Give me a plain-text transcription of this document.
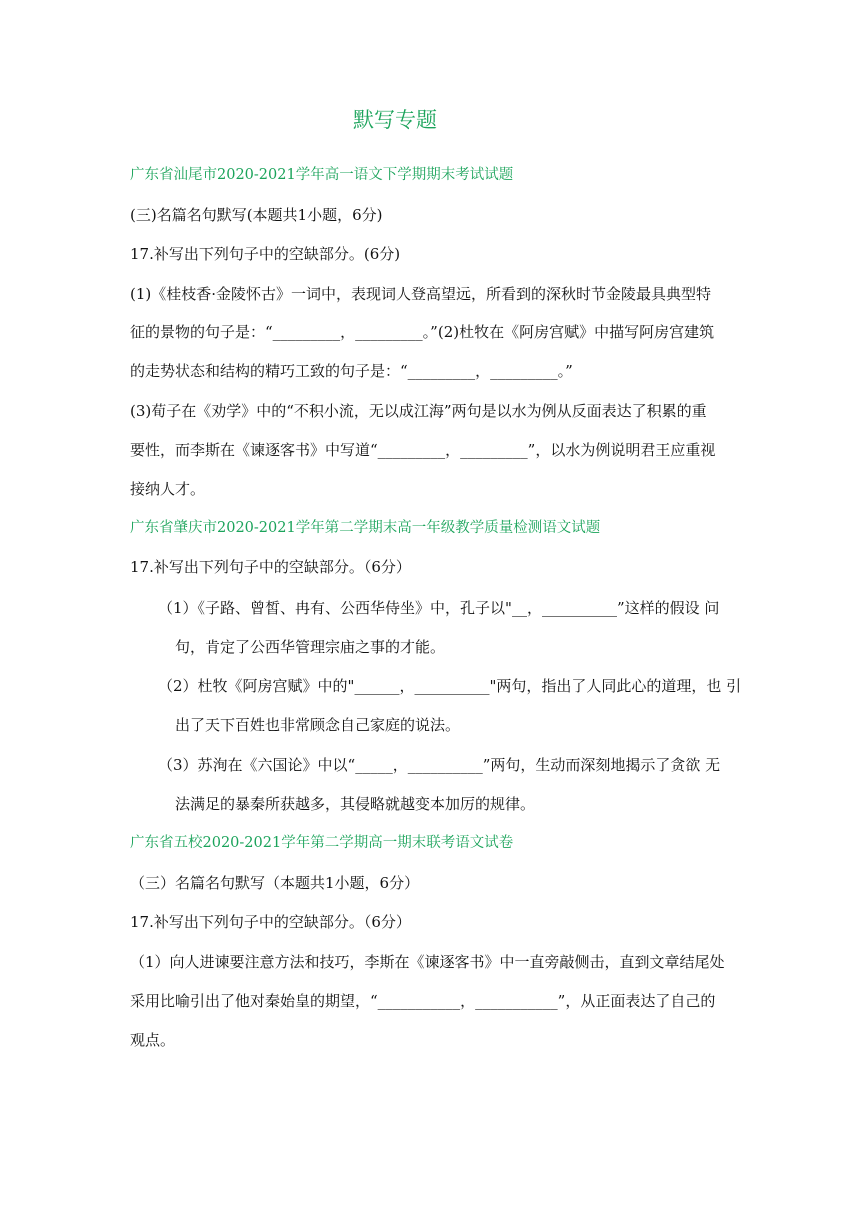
默写专题
广东省汕尾市2020-2021学年高一语文下学期期末考试试题
(三)名篇名句默写(本题共1小题，6分)
17.补写出下列句子中的空缺部分。(6分)
(1)《桂枝香·金陵怀古》一词中，表现词人登高望远，所看到的深秋时节金陵最具典型特
征的景物的句子是：“_________，_________。”(2)杜牧在《阿房宫赋》中描写阿房宫建筑
的走势状态和结构的精巧工致的句子是：“_________，_________。”
(3)荀子在《劝学》中的“不积小流，无以成江海”两句是以水为例从反面表达了积累的重
要性，而李斯在《谏逐客书》中写道“_________，_________”，以水为例说明君王应重视
接纳人才。
广东省肇庆市2020-2021学年第二学期末高一年级教学质量检测语文试题
17.补写出下列句子中的空缺部分。（6分）
（1）《子路、曾皙、冉有、公西华侍坐》中，孔子以"__，__________”这样的假设 问
句，肯定了公西华管理宗庙之事的才能。
（2）杜牧《阿房宫赋》中的"______，__________"两句，指出了人同此心的道理，也 引
出了天下百姓也非常顾念自己家庭的说法。
（3）苏洵在《六国论》中以“_____，__________”两句，生动而深刻地揭示了贪欲 无
法满足的暴秦所获越多，其侵略就越变本加厉的规律。
广东省五校2020-2021学年第二学期高一期末联考语文试卷
（三）名篇名句默写（本题共1小题，6分）
17.补写出下列句子中的空缺部分。（6分）
（1）向人进谏要注意方法和技巧，李斯在《谏逐客书》中一直旁敲侧击，直到文章结尾处
采用比喻引出了他对秦始皇的期望，“___________，___________”，从正面表达了自己的
观点。
